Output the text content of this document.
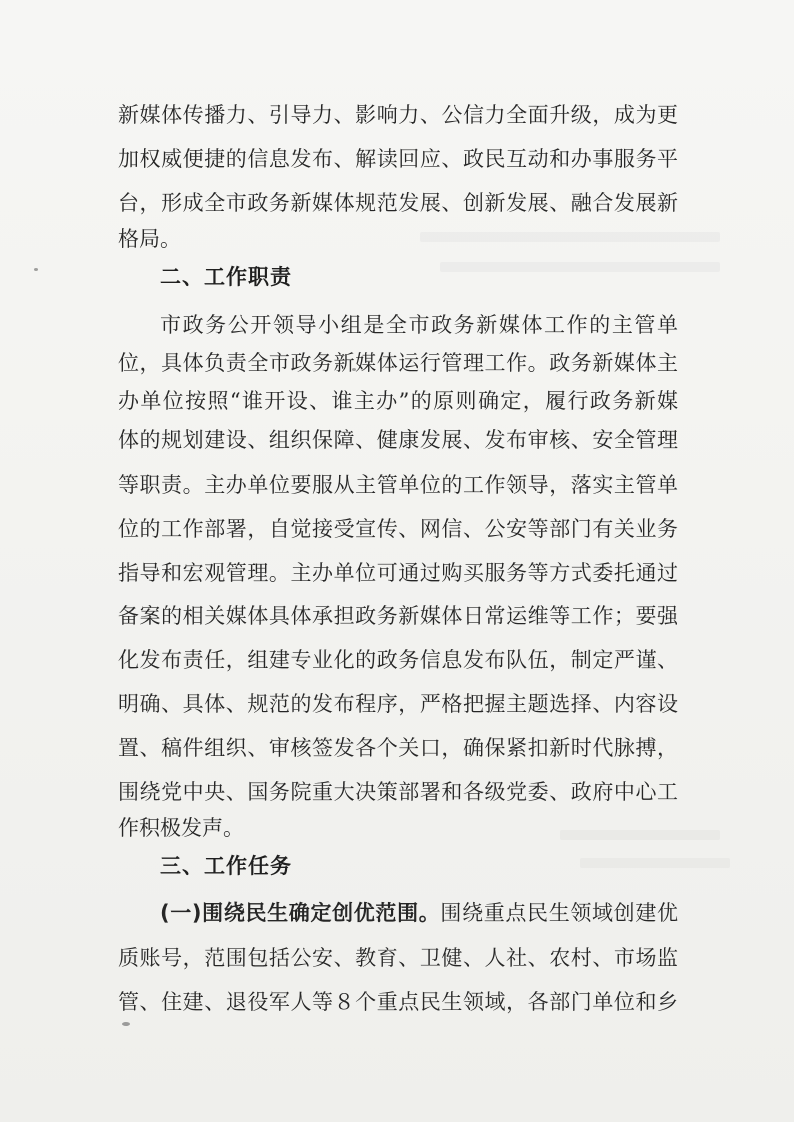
新媒体传播力、引导力、影响力、公信力全面升级，成为更
加权威便捷的信息发布、解读回应、政民互动和办事服务平
台，形成全市政务新媒体规范发展、创新发展、融合发展新
格局。
二、工作职责
市政务公开领导小组是全市政务新媒体工作的主管单
位，具体负责全市政务新媒体运行管理工作。政务新媒体主
办单位按照“谁开设、谁主办”的原则确定，履行政务新媒
体的规划建设、组织保障、健康发展、发布审核、安全管理
等职责。主办单位要服从主管单位的工作领导，落实主管单
位的工作部署，自觉接受宣传、网信、公安等部门有关业务
指导和宏观管理。主办单位可通过购买服务等方式委托通过
备案的相关媒体具体承担政务新媒体日常运维等工作；要强
化发布责任，组建专业化的政务信息发布队伍，制定严谨、
明确、具体、规范的发布程序，严格把握主题选择、内容设
置、稿件组织、审核签发各个关口，确保紧扣新时代脉搏，
围绕党中央、国务院重大决策部署和各级党委、政府中心工
作积极发声。
三、工作任务
(一)围绕民生确定创优范围。围绕重点民生领域创建优
质账号，范围包括公安、教育、卫健、人社、农村、市场监
管、住建、退役军人等８个重点民生领域，各部门单位和乡
